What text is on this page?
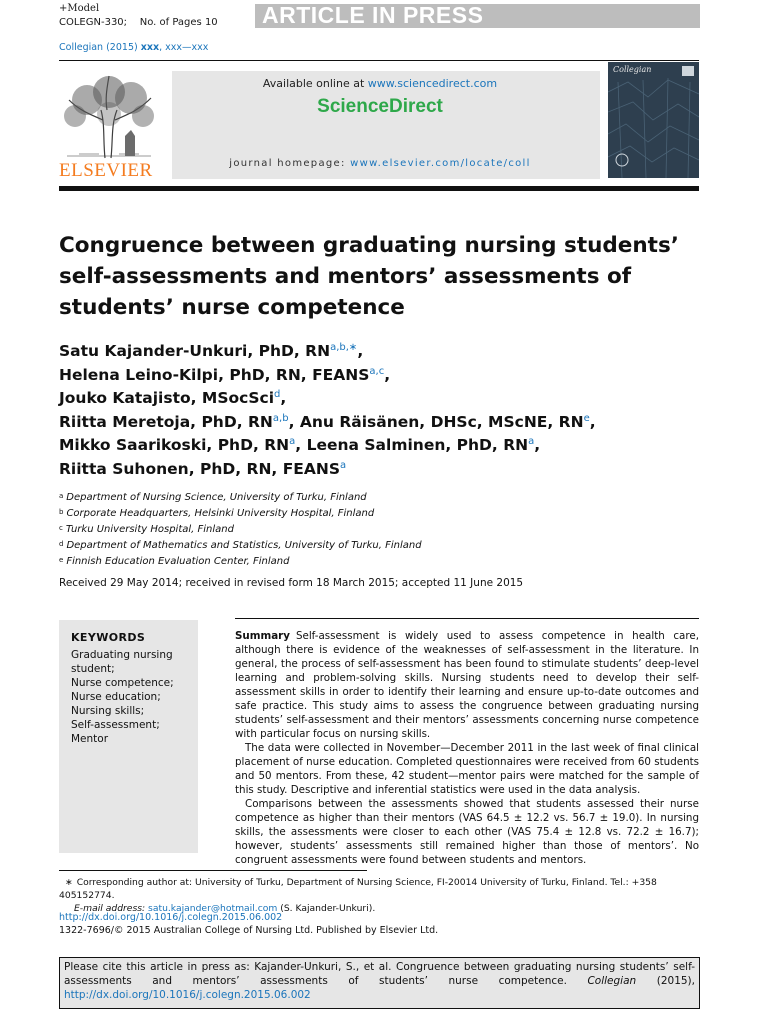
+Model
COLEGN-330;    No. of Pages 10 ARTICLE IN PRESS
Collegian (2015) xxx, xxx—xxx
ELSEVIER
Available online at www.sciencedirect.com
ScienceDirect
journal homepage: www.elsevier.com/locate/coll
Collegian
Congruence between graduating nursing students’ self-assessments and mentors’ assessments of students’ nurse competence
Satu Kajander-Unkuri, PhD, $RN^{a,b,∗}$,
Helena Leino-Kilpi, PhD, RN, FEANS$^{a,c}$,
Jouko Katajisto, MSocSci$^d$,
Riitta Meretoja, PhD, RN$^{a,b}$, Anu Räisänen, DHSc, MScNE, $RN^e$,
Mikko Saarikoski, PhD, $RN^a$, Leena Salminen, PhD, $RN^a$,
Riitta Suhonen, PhD, RN, FEANS$^a$
$^a$ Department of Nursing Science, University of Turku, Finland
$^b$ Corporate Headquarters, Helsinki University Hospital, Finland
$^c$ Turku University Hospital, Finland
$^d$ Department of Mathematics and Statistics, University of Turku, Finland
$^e$ Finnish Education Evaluation Center, Finland
Received 29 May 2014; received in revised form 18 March 2015; accepted 11 June 2015
KEYWORDS
Graduating nursing student;
Nurse competence;
Nurse education;
Nursing skills;
Self-assessment;
Mentor

Summary Self-assessment is widely used to assess competence in health care, although there is evidence of the weaknesses of self-assessment in the literature. In general, the process of self-assessment has been found to stimulate students’ deep-level learning and problem-solving skills. Nursing students need to develop their self-assessment skills in order to identify their learning and ensure up-to-date outcomes and safe practice. This study aims to assess the congruence between graduating nursing students’ self-assessment and their mentors’ assessments concerning nurse competence with particular focus on nursing skills.

The data were collected in November—December 2011 in the last week of final clinical placement of nurse education. Completed questionnaires were received from 60 students and 50 mentors. From these, 42 student—mentor pairs were matched for the sample of this study. Descriptive and inferential statistics were used in the data analysis.

Comparisons between the assessments showed that students assessed their nurse competence as higher than their mentors (VAS 64.5 ± 12.2 vs. 56.7 ± 19.0). In nursing skills, the assessments were closer to each other (VAS 75.4 ± 12.8 vs. 72.2 ± 16.7); however, students’ assessments still remained higher than those of mentors’. No congruent assessments were found between students and mentors.

∗ Corresponding author at: University of Turku, Department of Nursing Science, FI-20014 University of Turku, Finland. Tel.: +358 405152774.
E-mail address: satu.kajander@hotmail.com (S. Kajander-Unkuri).
http://dx.doi.org/10.1016/j.colegn.2015.06.002
1322-7696/© 2015 Australian College of Nursing Ltd. Published by Elsevier Ltd.
Please cite this article in press as: Kajander-Unkuri, S., et al. Congruence between graduating nursing students’ self-assessments and mentors’ assessments of students’ nurse competence. Collegian (2015), http://dx.doi.org/10.1016/j.colegn.2015.06.002
